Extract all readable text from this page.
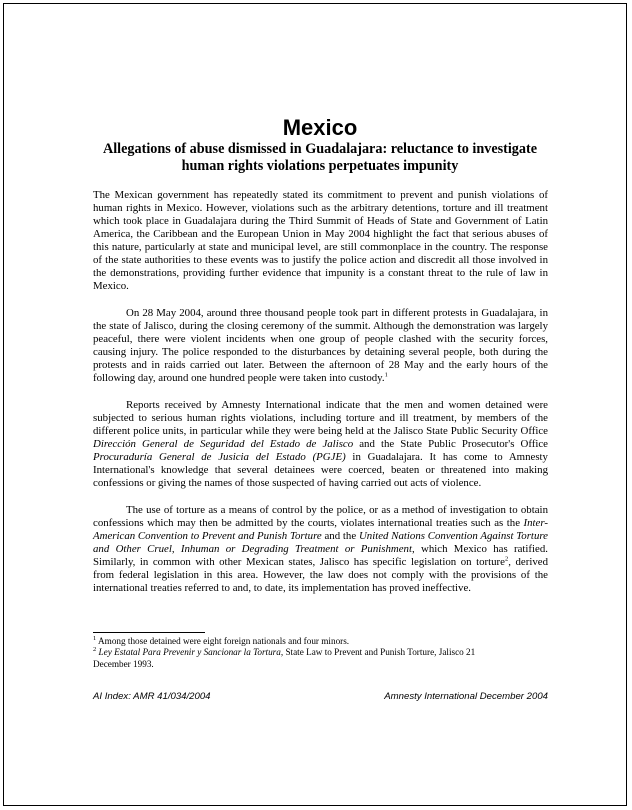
Mexico
Allegations of abuse dismissed in Guadalajara: reluctance to investigate human rights violations perpetuates impunity

The Mexican government has repeatedly stated its commitment to prevent and punish violations of human rights in Mexico. However, violations such as the arbitrary detentions, torture and ill treatment which took place in Guadalajara during the Third Summit of Heads of State and Government of Latin America, the Caribbean and the European Union in May 2004 highlight the fact that serious abuses of this nature, particularly at state and municipal level, are still commonplace in the country. The response of the state authorities to these events was to justify the police action and discredit all those involved in the demonstrations, providing further evidence that impunity is a constant threat to the rule of law in Mexico.

On 28 May 2004, around three thousand people took part in different protests in Guadalajara, in the state of Jalisco, during the closing ceremony of the summit. Although the demonstration was largely peaceful, there were violent incidents when one group of people clashed with the security forces, causing injury. The police responded to the disturbances by detaining several people, both during the protests and in raids carried out later. Between the afternoon of 28 May and the early hours of the following day, around one hundred people were taken into custody.$^1$

Reports received by Amnesty International indicate that the men and women detained were subjected to serious human rights violations, including torture and ill treatment, by members of the different police units, in particular while they were being held at the Jalisco State Public Security Office Dirección General de Seguridad del Estado de Jalisco and the State Public Prosecutor's Office Procuraduría General de Jusicia del Estado (PGJE) in Guadalajara. It has come to Amnesty International's knowledge that several detainees were coerced, beaten or threatened into making confessions or giving the names of those suspected of having carried out acts of violence.

The use of torture as a means of control by the police, or as a method of investigation to obtain confessions which may then be admitted by the courts, violates international treaties such as the Inter-American Convention to Prevent and Punish Torture and the United Nations Convention Against Torture and Other Cruel, Inhuman or Degrading Treatment or Punishment, which Mexico has ratified. Similarly, in common with other Mexican states, Jalisco has specific legislation on torture$^2$, derived from federal legislation in this area. However, the law does not comply with the provisions of the international treaties referred to and, to date, its implementation has proved ineffective.

$^1$ Among those detained were eight foreign nationals and four minors.

$^2$ Ley Estatal Para Prevenir y Sancionar la Tortura, State Law to Prevent and Punish Torture, Jalisco 21 December 1993.

AI Index: AMR 41/034/2004	Amnesty International December 2004
